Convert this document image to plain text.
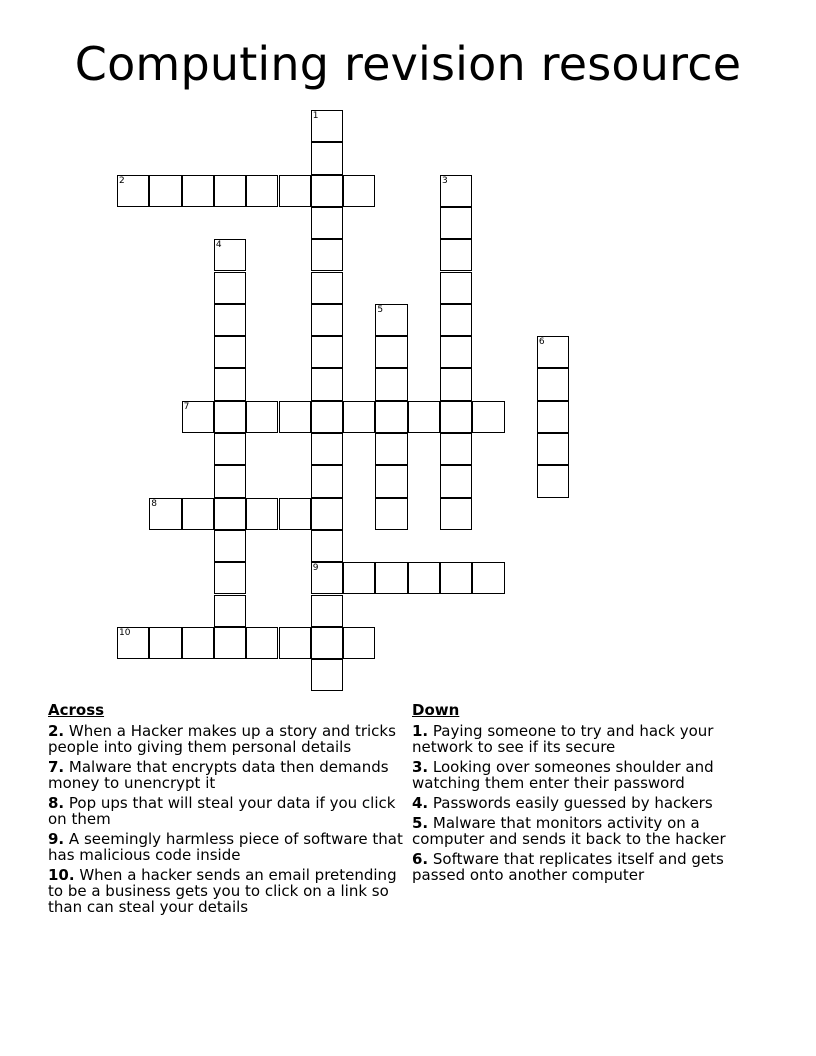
Computing revision resource
1
9
2	3
4
5
6
7
8
10
Across
2. When a Hacker makes up a story and tricks people into giving them personal details
7. Malware that encrypts data then demands money to unencrypt it
8. Pop ups that will steal your data if you click on them
9. A seemingly harmless piece of software that has malicious code inside
10. When a hacker sends an email pretending to be a business gets you to click on a link so than can steal your details
Down
1. Paying someone to try and hack your network to see if its secure
3. Looking over someones shoulder and watching them enter their password
4. Passwords easily guessed by hackers
5. Malware that monitors activity on a computer and sends it back to the hacker
6. Software that replicates itself and gets passed onto another computer
